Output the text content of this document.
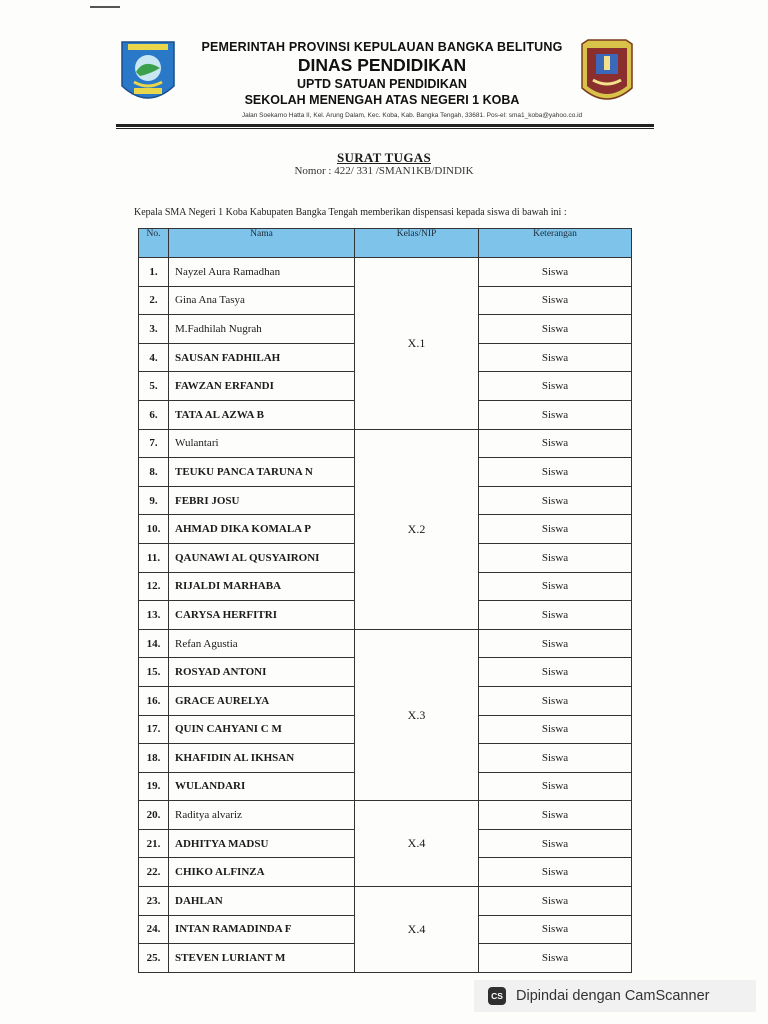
PEMERINTAH PROVINSI KEPULAUAN BANGKA BELITUNG
DINAS PENDIDIKAN
UPTD SATUAN PENDIDIKAN
SEKOLAH MENENGAH ATAS NEGERI 1 KOBA
Jalan Soekarno Hatta II, Kel. Arung Dalam, Kec. Koba, Kab. Bangka Tengah, 33681. Pos-el: sma1_koba@yahoo.co.id
SURAT TUGAS
Nomor : 422/ 331 /SMAN1KB/DINDIK
Kepala SMA Negeri 1 Koba Kabupaten Bangka Tengah memberikan dispensasi kepada siswa di bawah ini :
No.	Nama	Kelas/NIP	Keterangan
1.	Nayzel Aura Ramadhan	X.1	Siswa
2.	Gina Ana Tasya		Siswa
3.	M.Fadhilah Nugrah		Siswa
4.	SAUSAN FADHILAH		Siswa
5.	FAWZAN ERFANDI		Siswa
6.	TATA AL AZWA B		Siswa
7.	Wulantari	X.2	Siswa
8.	TEUKU PANCA TARUNA N		Siswa
9.	FEBRI JOSU		Siswa
10.	AHMAD DIKA KOMALA P		Siswa
11.	QAUNAWI AL QUSYAIRONI		Siswa
12.	RIJALDI MARHABA		Siswa
13.	CARYSA HERFITRI		Siswa
14.	Refan Agustia	X.3	Siswa
15.	ROSYAD ANTONI		Siswa
16.	GRACE AURELYA		Siswa
17.	QUIN CAHYANI C M		Siswa
18.	KHAFIDIN AL IKHSAN		Siswa
19.	WULANDARI		Siswa
20.	Raditya alvariz	X.4	Siswa
21.	ADHITYA MADSU		Siswa
22.	CHIKO ALFINZA		Siswa
23.	DAHLAN	X.4	Siswa
24.	INTAN RAMADINDA F		Siswa
25.	STEVEN LURIANT M		Siswa
CS Dipindai dengan CamScanner
